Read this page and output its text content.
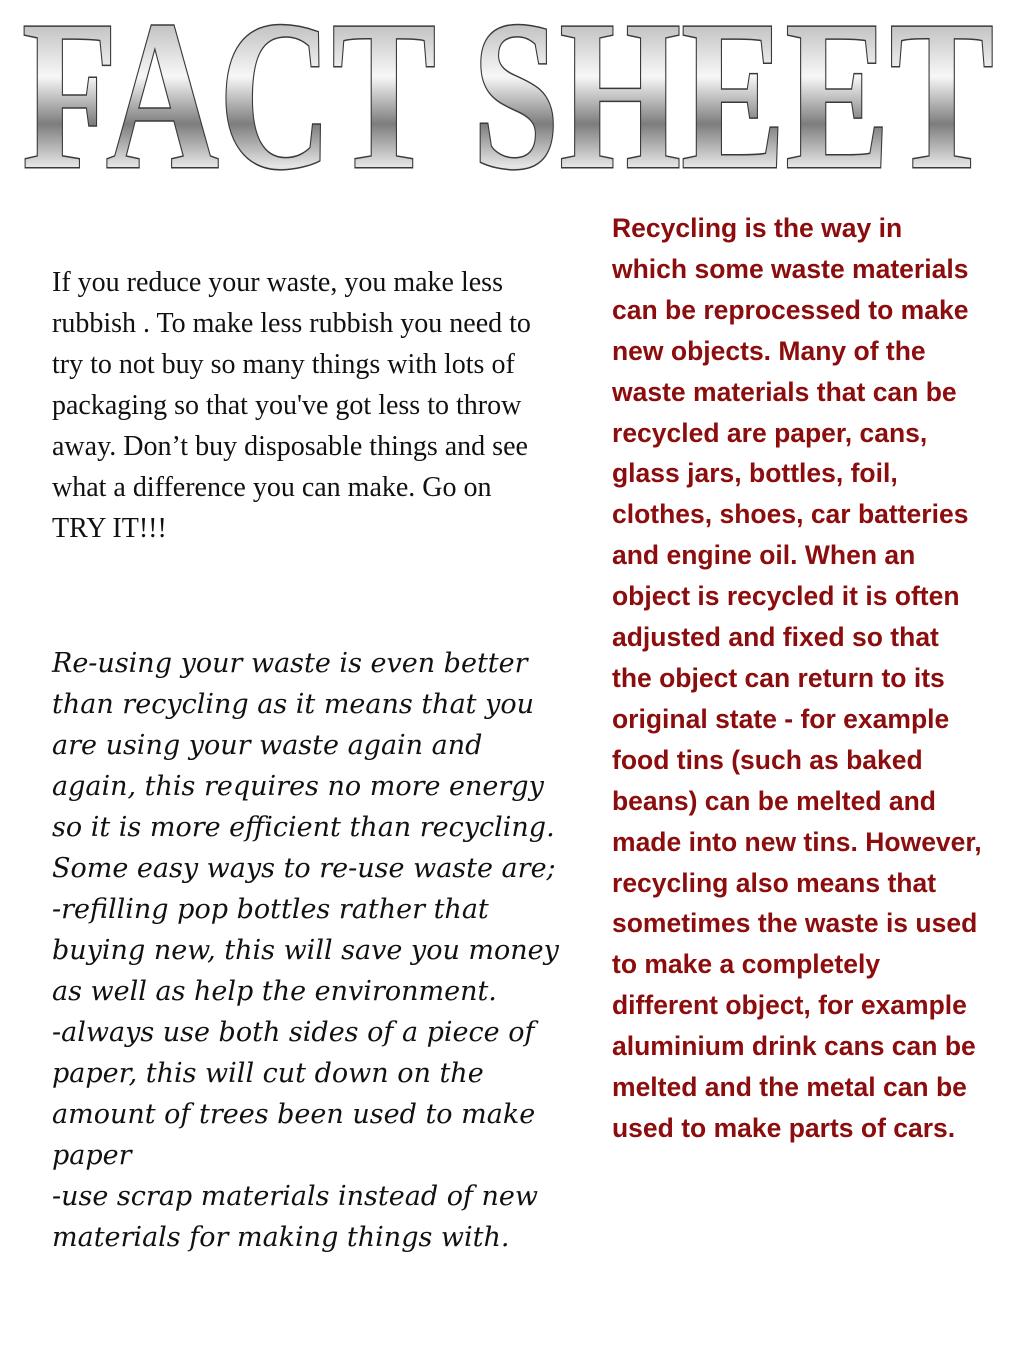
FACT SHEET
If you reduce your waste, you make less rubbish . To make less rubbish you need to try to not buy so many things with lots of packaging so that you've got less to throw away. Don’t buy disposable things and see what a difference you can make. Go on TRY IT!!!

Re-using your waste is even better than recycling as it means that you are using your waste again and again, this requires no more energy so it is more efficient than recycling. Some easy ways to re-use waste are;

-refilling pop bottles rather that buying new, this will save you money as well as help the environment.

-always use both sides of a piece of paper, this will cut down on the amount of trees been used to make paper

-use scrap materials instead of new materials for making things with.

Recycling is the way in which some waste materials can be reprocessed to make new objects. Many of the waste materials that can be recycled are paper, cans, glass jars, bottles, foil, clothes, shoes, car batteries and engine oil. When an object is recycled it is often adjusted and fixed so that the object can return to its original state - for example food tins (such as baked beans) can be melted and made into new tins. However, recycling also means that sometimes the waste is used to make a completely different object, for example aluminium drink cans can be melted and the metal can be used to make parts of cars.
